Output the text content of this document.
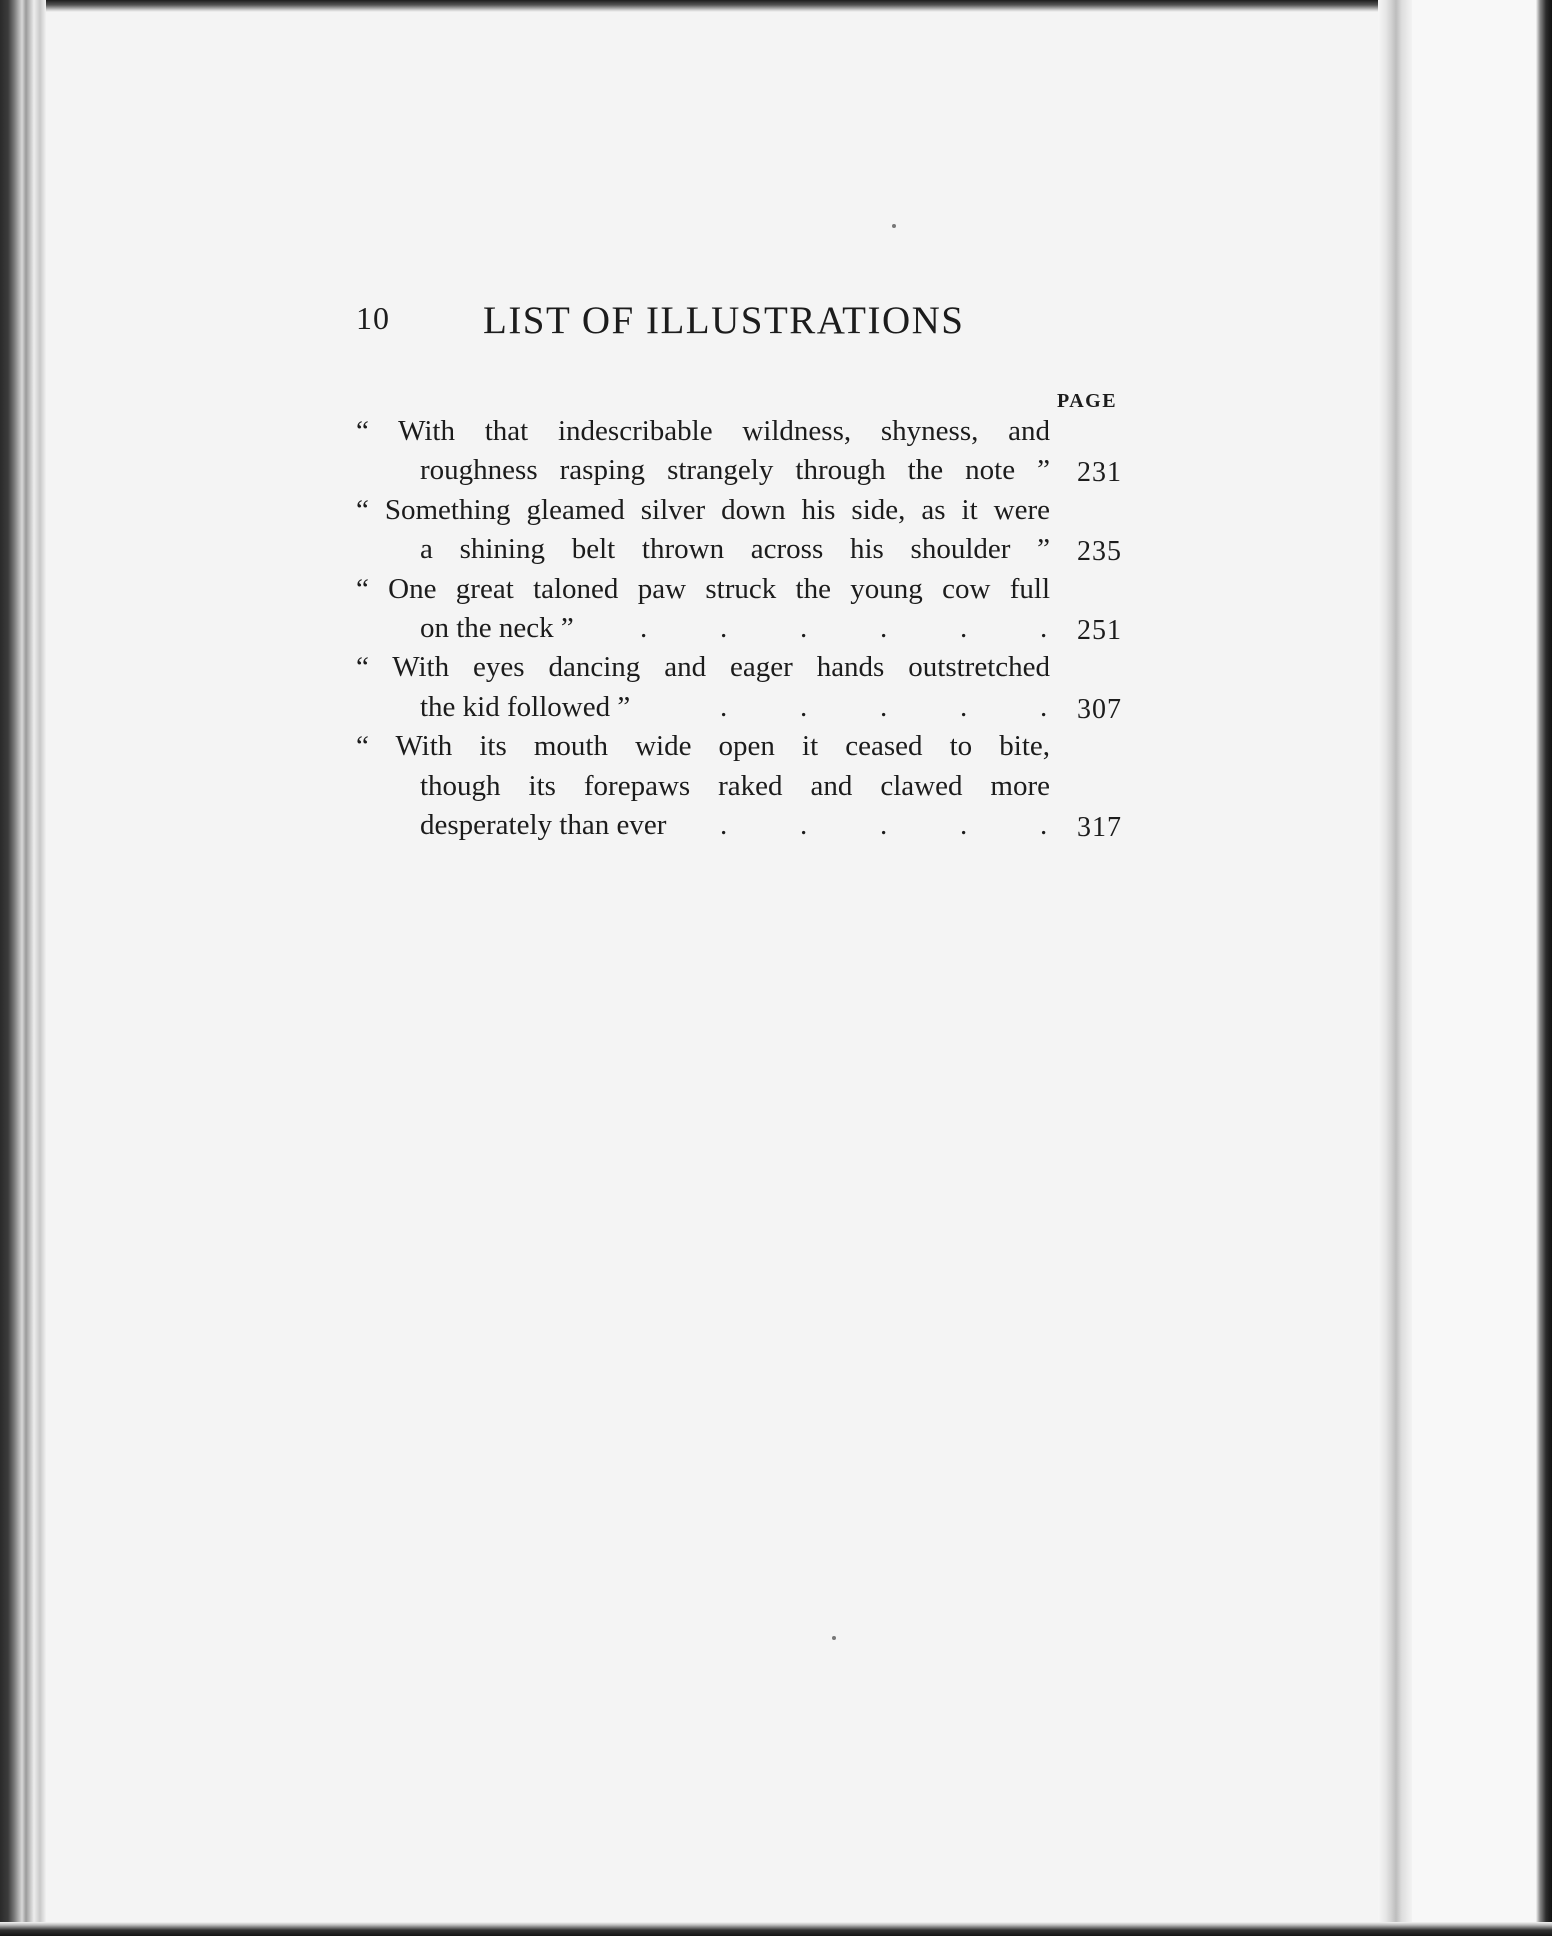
10 LIST OF ILLUSTRATIONS
PAGE
“ With that indescribable wildness, shyness, and
roughness rasping strangely through the note ” 231
“ Something gleamed silver down his side, as it were
a shining belt thrown across his shoulder ” 235
“ One great taloned paw struck the young cow full
.
.
.
.
.
.
on the neck ”	251
“ With eyes dancing and eager hands outstretched
.
.
.
.
.
the kid followed ”	307
“ With its mouth wide open it ceased to bite,
though its forepaws raked and clawed more
.
.
.
.
.
desperately than ever	317
